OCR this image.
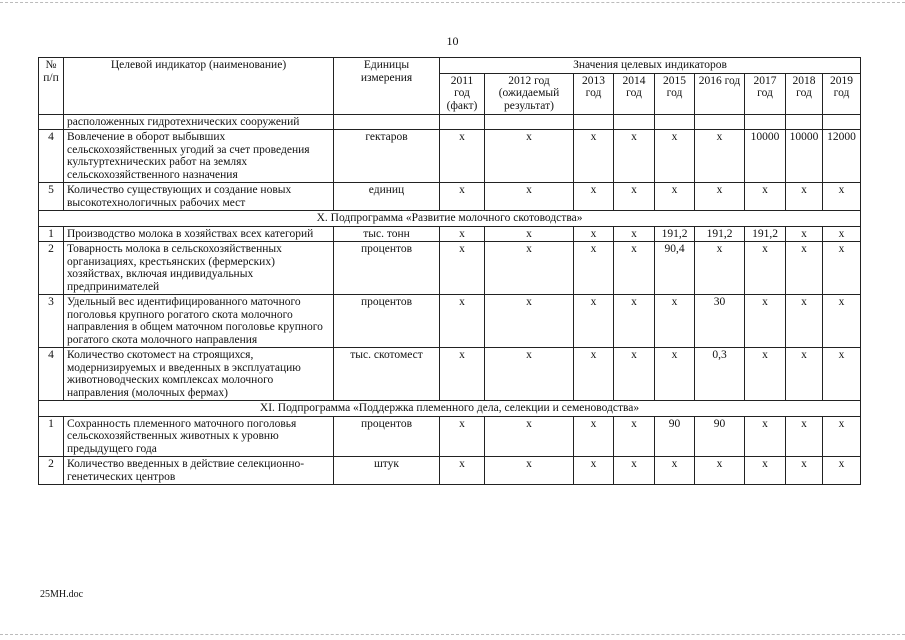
10
№ п/п	Целевой индикатор (наименование)	Единицы измерения	Значения целевых индикаторов								
			2011 год (факт)	2012 год (ожидаемый результат)	2013 год	2014 год	2015 год	2016 год	2017 год	2018 год	2019 год
	расположенных гидротехнических сооружений										
4	Вовлечение в оборот выбывших сельскохозяйственных угодий за счет проведения культуртехнических работ на землях сельскохозяйственного назначения	гектаров	x	x	x	x	x	x	10000	10000	12000
5	Количество существующих и создание новых высокотехнологичных рабочих мест	единиц	x	x	x	x	x	x	x	x	x
X. Подпрограмма «Развитие молочного скотоводства»											
1	Производство молока в хозяйствах всех категорий	тыс. тонн	x	x	x	x	191,2	191,2	191,2	x	x
2	Товарность молока в сельскохозяйственных организациях, крестьянских (фермерских) хозяйствах, включая индивидуальных предпринимателей	процентов	x	x	x	x	90,4	x	x	x	x
3	Удельный вес идентифицированного маточного поголовья крупного рогатого скота молочного направления в общем маточном поголовье крупного рогатого скота молочного направления	процентов	x	x	x	x	x	30	x	x	x
4	Количество скотомест на строящихся, модернизируемых и введенных в эксплуатацию животноводческих комплексах молочного направления (молочных фермах)	тыс. скотомест	x	x	x	x	x	0,3	x	x	x
XI. Подпрограмма «Поддержка племенного дела, селекции и семеноводства»											
1	Сохранность племенного маточного поголовья сельскохозяйственных животных к уровню предыдущего года	процентов	x	x	x	x	90	90	x	x	x
2	Количество введенных в действие селекционно-генетических центров	штук	x	x	x	x	x	x	x	x	x
25МН.doc
